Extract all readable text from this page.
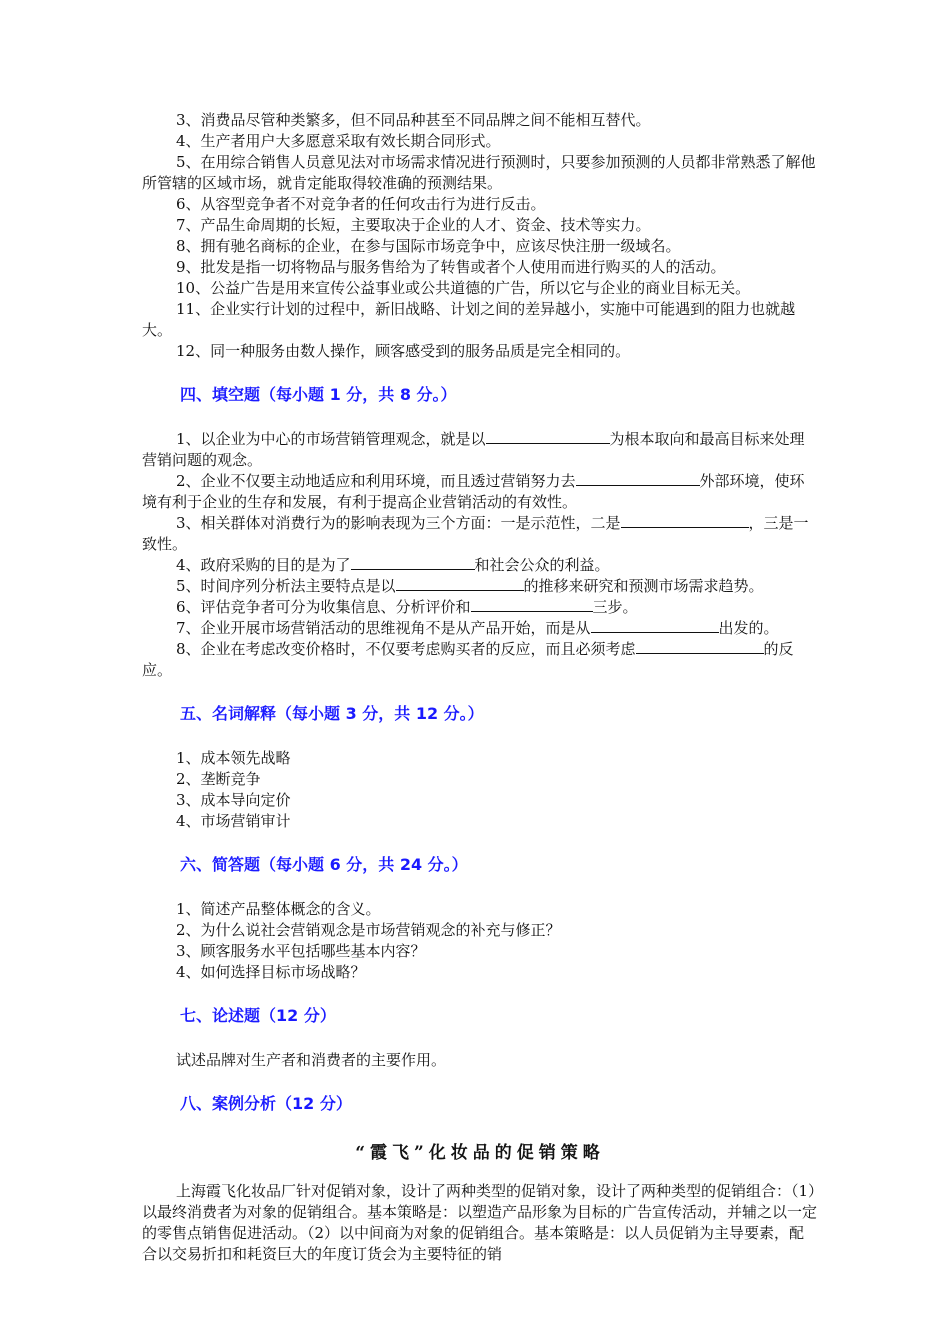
3、消费品尽管种类繁多，但不同品种甚至不同品牌之间不能相互替代。

4、生产者用户大多愿意采取有效长期合同形式。

5、在用综合销售人员意见法对市场需求情况进行预测时，只要参加预测的人员都非常熟悉了解他所管辖的区域市场，就肯定能取得较准确的预测结果。

6、从容型竞争者不对竞争者的任何攻击行为进行反击。

7、产品生命周期的长短，主要取决于企业的人才、资金、技术等实力。

8、拥有驰名商标的企业，在参与国际市场竞争中，应该尽快注册一级域名。

9、批发是指一切将物品与服务售给为了转售或者个人使用而进行购买的人的活动。

10、公益广告是用来宣传公益事业或公共道德的广告，所以它与企业的商业目标无关。

11、企业实行计划的过程中，新旧战略、计划之间的差异越小，实施中可能遇到的阻力也就越大。

12、同一种服务由数人操作，顾客感受到的服务品质是完全相同的。

四、填空题（每小题 1 分，共 8 分。）

1、以企业为中心的市场营销管理观念，就是以	为根本取向和最高目标来处理营销问题的观念。

2、企业不仅要主动地适应和利用环境，而且透过营销努力去	外部环境，使环境有利于企业的生存和发展，有利于提高企业营销活动的有效性。

3、相关群体对消费行为的影响表现为三个方面：一是示范性，二是	，三是一致性。

4、政府采购的目的是为了	和社会公众的利益。

5、时间序列分析法主要特点是以	的推移来研究和预测市场需求趋势。

6、评估竞争者可分为收集信息、分析评价和	三步。

7、企业开展市场营销活动的思维视角不是从产品开始，而是从	出发的。

8、企业在考虑改变价格时，不仅要考虑购买者的反应，而且必须考虑	的反应。

五、名词解释（每小题 3 分，共 12 分。）

1、成本领先战略

2、垄断竞争

3、成本导向定价

4、市场营销审计

六、简答题（每小题 6 分，共 24 分。）

1、简述产品整体概念的含义。

2、为什么说社会营销观念是市场营销观念的补充与修正？

3、顾客服务水平包括哪些基本内容？

4、如何选择目标市场战略？

七、论述题（12 分）

试述品牌对生产者和消费者的主要作用。

八、案例分析（12 分）
“霞飞”化妆品的促销策略

上海霞飞化妆品厂针对促销对象，设计了两种类型的促销对象，设计了两种类型的促销组合：（1）以最终消费者为对象的促销组合。基本策略是：以塑造产品形象为目标的广告宣传活动，并辅之以一定的零售点销售促进活动。（2）以中间商为对象的促销组合。基本策略是：以人员促销为主导要素，配合以交易折扣和耗资巨大的年度订货会为主要特征的销
